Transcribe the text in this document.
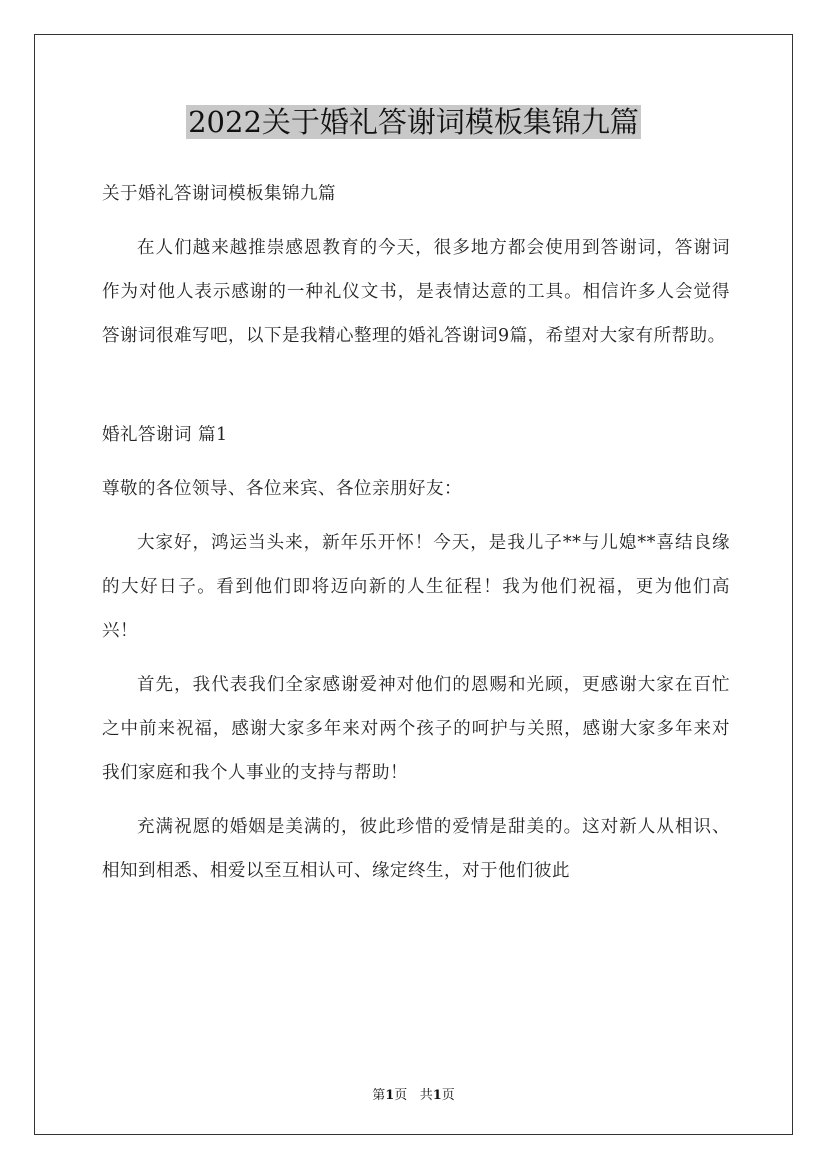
2022关于婚礼答谢词模板集锦九篇

关于婚礼答谢词模板集锦九篇

在人们越来越推崇感恩教育的今天，很多地方都会使用到答谢词，答谢词作为对他人表示感谢的一种礼仪文书，是表情达意的工具。相信许多人会觉得答谢词很难写吧，以下是我精心整理的婚礼答谢词9篇，希望对大家有所帮助。

婚礼答谢词 篇1

尊敬的各位领导、各位来宾、各位亲朋好友：

大家好，鸿运当头来，新年乐开怀！今天，是我儿子**与儿媳**喜结良缘的大好日子。看到他们即将迈向新的人生征程！我为他们祝福，更为他们高兴！

首先，我代表我们全家感谢爱神对他们的恩赐和光顾，更感谢大家在百忙之中前来祝福，感谢大家多年来对两个孩子的呵护与关照，感谢大家多年来对我们家庭和我个人事业的支持与帮助！

充满祝愿的婚姻是美满的，彼此珍惜的爱情是甜美的。这对新人从相识、相知到相悉、相爱以至互相认可、缘定终生，对于他们彼此

第1页 共1页
